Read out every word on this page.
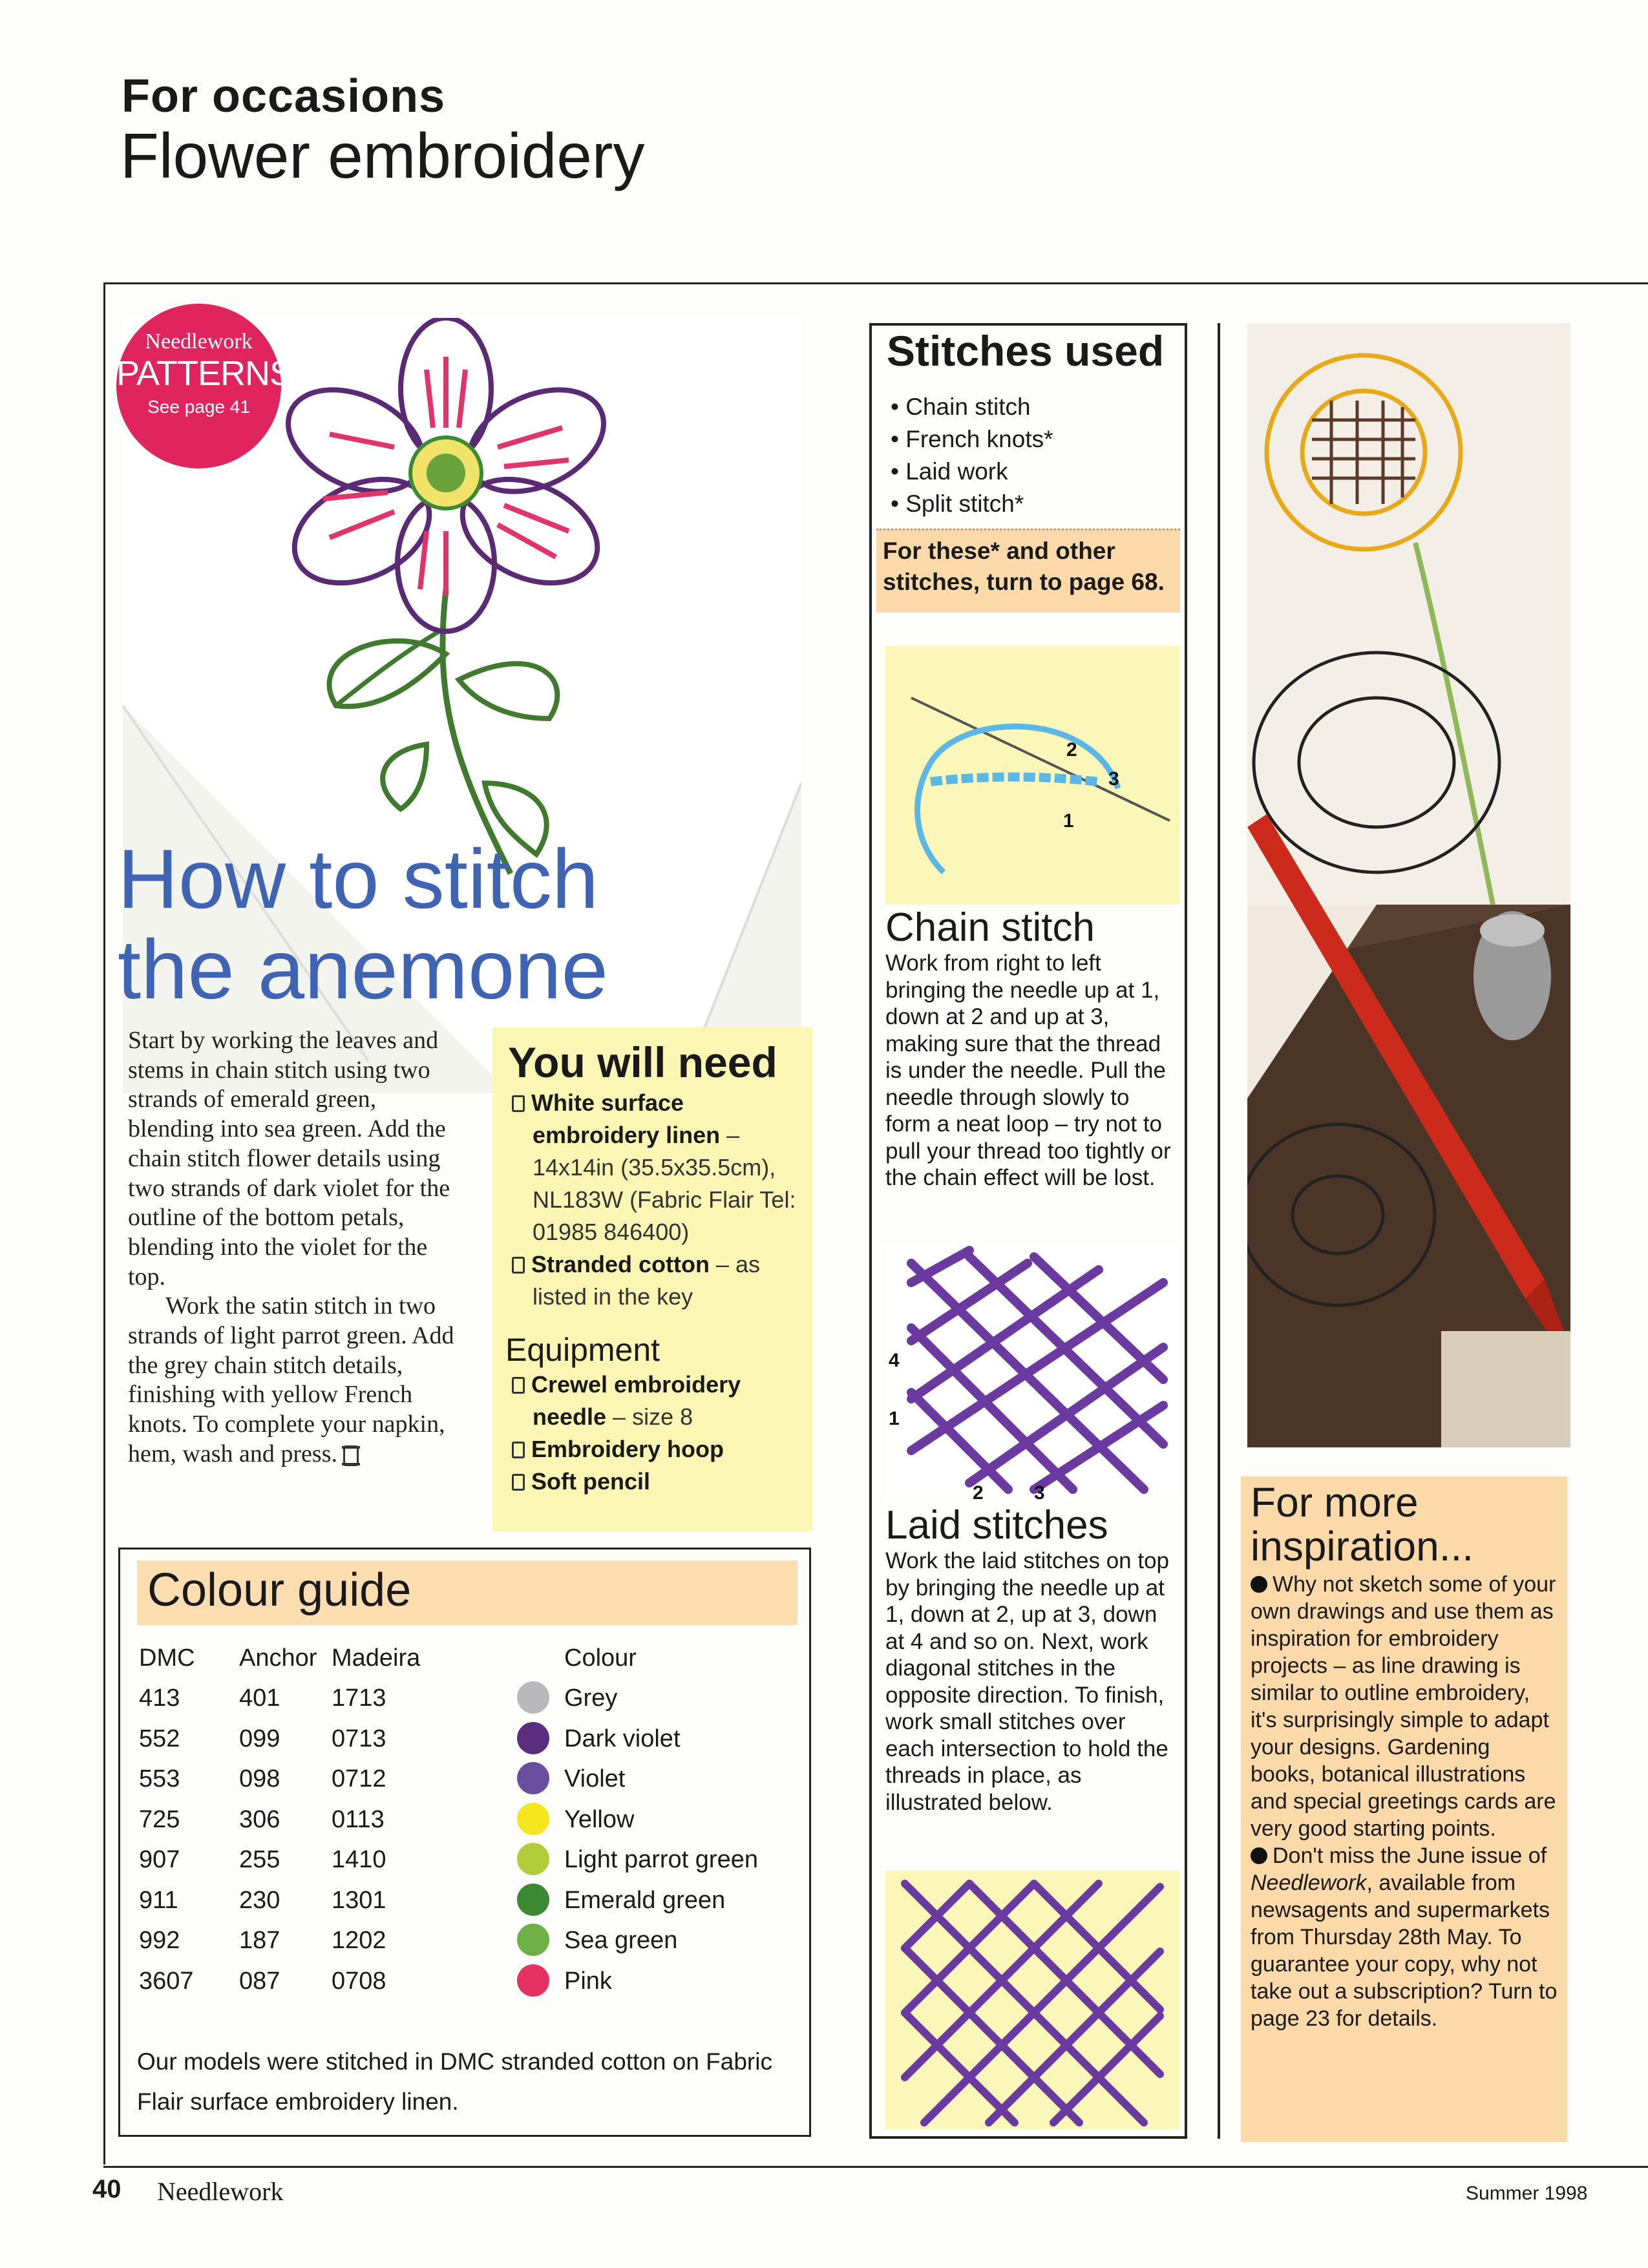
For occasions
Flower embroidery
Needlework
PATTERNS
See page 41
How to stitch
the anemone

Start by working the leaves and stems in chain stitch using two strands of emerald green, blending into sea green. Add the chain stitch flower details using two strands of dark violet for the outline of the bottom petals, blending into the violet for the top.

Work the satin stitch in two strands of light parrot green. Add the grey chain stitch details, finishing with yellow French knots. To complete your napkin, hem, wash and press.

You will need
White surface embroidery linen – 14x14in (35.5x35.5cm), NL183W (Fabric Flair Tel: 01985 846400)
Stranded cotton – as listed in the key
Equipment
Crewel embroidery needle – size 8
Embroidery hoop
Soft pencil
Colour guide
DMC Anchor Madeira	Colour
413 401 1713	Grey
552 099 0713	Dark violet
553 098 0712	Violet
725 306 0113	Yellow
907 255 1410	Light parrot green
911 230 1301	Emerald green
992 187 1202	Sea green
3607 087 0708	Pink
Our models were stitched in DMC stranded cotton on Fabric Flair surface embroidery linen.
Stitches used
• Chain stitch
• French knots*
• Laid work
• Split stitch*
For these* and other stitches, turn to page 68.
2
3
1
Chain stitch
Work from right to left bringing the needle up at 1, down at 2 and up at 3, making sure that the thread is under the needle. Pull the needle through slowly to form a neat loop – try not to pull your thread too tightly or the chain effect will be lost.
4
1
2	3
Laid stitches
Work the laid stitches on top by bringing the needle up at 1, down at 2, up at 3, down at 4 and so on. Next, work diagonal stitches in the opposite direction. To finish, work small stitches over each intersection to hold the threads in place, as illustrated below.
For more inspiration...
Why not sketch some of your own drawings and use them as inspiration for embroidery projects – as line drawing is similar to outline embroidery, it's surprisingly simple to adapt your designs. Gardening books, botanical illustrations and special greetings cards are very good starting points.
Don't miss the June issue of Needlework, available from newsagents and supermarkets from Thursday 28th May. To guarantee your copy, why not take out a subscription? Turn to page 23 for details.
40 Needlework	Summer 1998
